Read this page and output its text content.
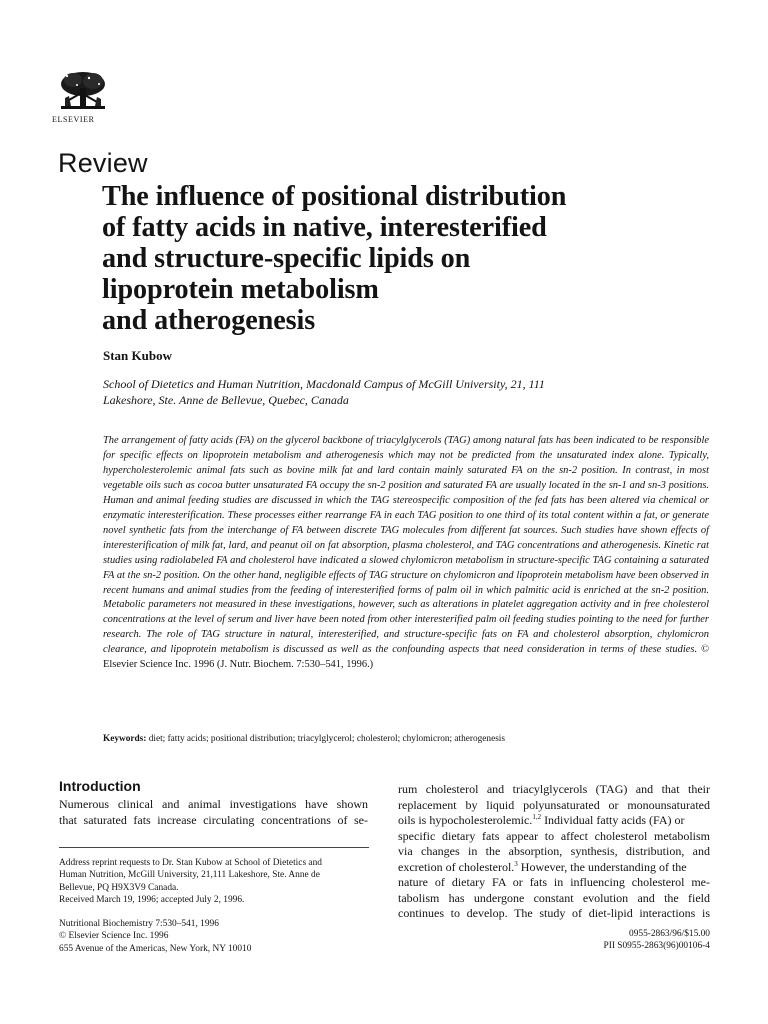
ELSEVIER
Review
The influence of positional distribution
of fatty acids in native, interesterified
and structure-specific lipids on
lipoprotein metabolism
and atherogenesis
Stan Kubow
School of Dietetics and Human Nutrition, Macdonald Campus of McGill University, 21, 111
Lakeshore, Ste. Anne de Bellevue, Quebec, Canada
The arrangement of fatty acids (FA) on the glycerol backbone of triacylglycerols (TAG) among natural fats has been indicated to be responsible for specific effects on lipoprotein metabolism and atherogenesis which may not be predicted from the unsaturated index alone. Typically, hypercholesterolemic animal fats such as bovine milk fat and lard contain mainly saturated FA on the sn-2 position. In contrast, in most vegetable oils such as cocoa butter unsaturated FA occupy the sn-2 position and saturated FA are usually located in the sn-1 and sn-3 positions. Human and animal feeding studies are discussed in which the TAG stereospecific composition of the fed fats has been altered via chemical or enzymatic interesterification. These processes either rearrange FA in each TAG position to one third of its total content within a fat, or generate novel synthetic fats from the interchange of FA between discrete TAG molecules from different fat sources. Such studies have shown effects of interesterification of milk fat, lard, and peanut oil on fat absorption, plasma cholesterol, and TAG concentrations and atherogenesis. Kinetic rat studies using radiolabeled FA and cholesterol have indicated a slowed chylomicron metabolism in structure-specific TAG containing a saturated FA at the sn-2 position. On the other hand, negligible effects of TAG structure on chylomicron and lipoprotein metabolism have been observed in recent humans and animal studies from the feeding of interesterified forms of palm oil in which palmitic acid is enriched at the sn-2 position. Metabolic parameters not measured in these investigations, however, such as alterations in platelet aggregation activity and in free cholesterol concentrations at the level of serum and liver have been noted from other interesterified palm oil feeding studies pointing to the need for further research. The role of TAG structure in natural, interesterified, and structure-specific fats on FA and cholesterol absorption, chylomicron clearance, and lipoprotein metabolism is discussed as well as the confounding aspects that need consideration in terms of these studies. © Elsevier Science Inc. 1996 (J. Nutr. Biochem. 7:530–541, 1996.)
Keywords: diet; fatty acids; positional distribution; triacylglycerol; cholesterol; chylomicron; atherogenesis
Introduction
Numerous clinical and animal investigations have shown
that saturated fats increase circulating concentrations of se-
rum cholesterol and triacylglycerols (TAG) and that their
replacement by liquid polyunsaturated or monounsaturated
oils is hypocholesterolemic.$^{1,2}$ Individual fatty acids (FA) or
specific dietary fats appear to affect cholesterol metabolism
via changes in the absorption, synthesis, distribution, and
excretion of cholesterol.$^3$ However, the understanding of the
nature of dietary FA or fats in influencing cholesterol me-
tabolism has undergone constant evolution and the field
continues to develop. The study of diet-lipid interactions is
Address reprint requests to Dr. Stan Kubow at School of Dietetics and
Human Nutrition, McGill University, 21,111 Lakeshore, Ste. Anne de
Bellevue, PQ H9X3V9 Canada.
Received March 19, 1996; accepted July 2, 1996.
Nutritional Biochemistry 7:530–541, 1996
© Elsevier Science Inc. 1996
655 Avenue of the Americas, New York, NY 10010
0955-2863/96/$15.00
PII S0955-2863(96)00106-4
